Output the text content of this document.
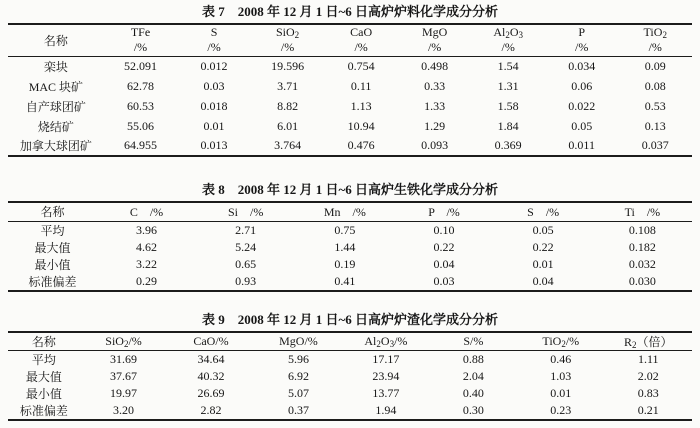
表 7 2008 年 12 月 1 日~6 日高炉炉料化学成分分析
名称	TFe	S	SiO$_2$	CaO	MgO	$Al_2O_3$	P	TiO$_2$
	/%	/%	/%	/%	/%	/%	/%	/%
栾块	52.091	0.012	19.596	0.754	0.498	1.54	0.034	0.09
MAC 块矿	62.78	0.03	3.71	0.11	0.33	1.31	0.06	0.08
自产球团矿	60.53	0.018	8.82	1.13	1.33	1.58	0.022	0.53
烧结矿	55.06	0.01	6.01	10.94	1.29	1.84	0.05	0.13
加拿大球团矿	64.955	0.013	3.764	0.476	0.093	0.369	0.011	0.037
表 8 2008 年 12 月 1 日~6 日高炉生铁化学成分分析
名称	C　/%	Si　/%	Mn　/%	P　/%	S　/%	Ti　/%
平均	3.96	2.71	0.75	0.10	0.05	0.108
最大值	4.62	5.24	1.44	0.22	0.22	0.182
最小值	3.22	0.65	0.19	0.04	0.01	0.032
标准偏差	0.29	0.93	0.41	0.03	0.04	0.030
表 9 2008 年 12 月 1 日~6 日高炉炉渣化学成分分析
名称	SiO$_2$/%	CaO/%	MgO/%	$Al_2O_3/\%$	S/%	TiO$_2$/%	$R_2$（倍）
平均	31.69	34.64	5.96	17.17	0.88	0.46	1.11
最大值	37.67	40.32	6.92	23.94	2.04	1.03	2.02
最小值	19.97	26.69	5.07	13.77	0.40	0.01	0.83
标准偏差	3.20	2.82	0.37	1.94	0.30	0.23	0.21
